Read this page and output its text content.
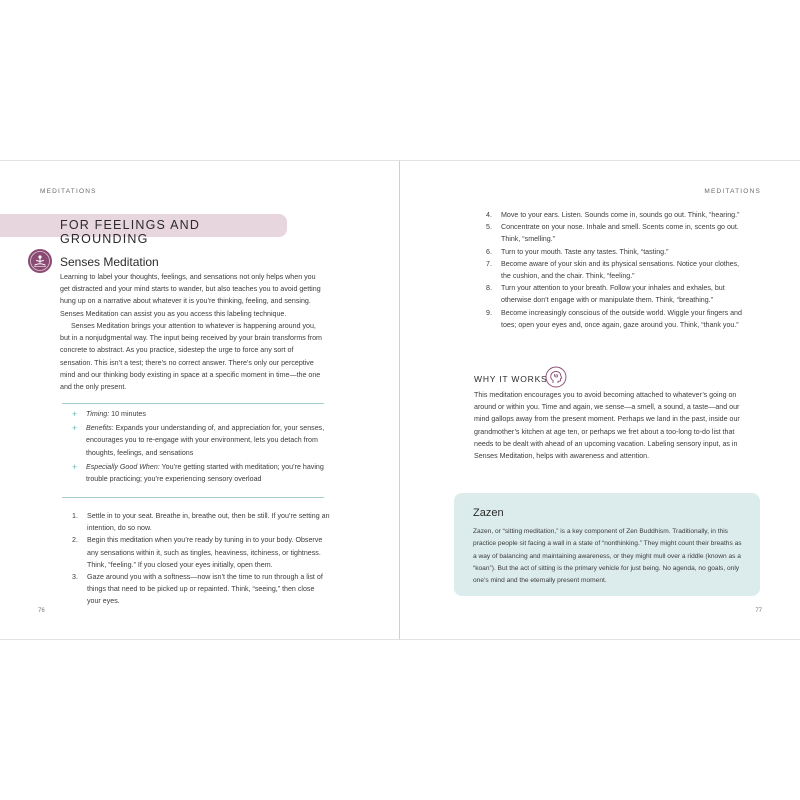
MEDITATIONS
FOR FEELINGS AND GROUNDING
Senses Meditation

Learning to label your thoughts, feelings, and sensations not only helps when you get distracted and your mind starts to wander, but also teaches you to avoid getting hung up on a narrative about whatever it is you’re thinking, feeling, and sensing. Senses Meditation can assist you as you access this labeling technique.

Senses Meditation brings your attention to whatever is happening around you, but in a nonjudgmental way. The input being received by your brain transforms from concrete to abstract. As you practice, sidestep the urge to force any sort of sensation. This isn’t a test; there’s no correct answer. There’s only our perceptive mind and our thinking body existing in space at a specific moment in time—the one and the only present.

+ Timing: 10 minutes
+ Benefits: Expands your understanding of, and appreciation for, your senses, encourages you to re-engage with your environment, lets you detach from thoughts, feelings, and sensations
+ Especially Good When: You’re getting started with meditation; you’re having trouble practicing; you’re experiencing sensory overload
1. Settle in to your seat. Breathe in, breathe out, then be still. If you’re setting an intention, do so now.
2. Begin this meditation when you’re ready by tuning in to your body. Observe any sensations within it, such as tingles, heaviness, itchiness, or tightness. Think, “feeling.” If you closed your eyes initially, open them.
3. Gaze around you with a softness—now isn’t the time to run through a list of things that need to be picked up or repainted. Think, “seeing,” then close your eyes.
76
MEDITATIONS
4. Move to your ears. Listen. Sounds come in, sounds go out. Think, “hearing.”
5. Concentrate on your nose. Inhale and smell. Scents come in, scents go out. Think, “smelling.”
6. Turn to your mouth. Taste any tastes. Think, “tasting.”
7. Become aware of your skin and its physical sensations. Notice your clothes, the cushion, and the chair. Think, “feeling.”
8. Turn your attention to your breath. Follow your inhales and exhales, but otherwise don’t engage with or manipulate them. Think, “breathing.”
9. Become increasingly conscious of the outside world. Wiggle your fingers and toes; open your eyes and, once again, gaze around you. Think, “thank you.”
WHY IT WORKS

This meditation encourages you to avoid becoming attached to whatever’s going on around or within you. Time and again, we sense—a smell, a sound, a taste—and our mind gallops away from the present moment. Perhaps we land in the past, inside our grandmother’s kitchen at age ten, or perhaps we fret about a too-long to-do list that needs to be dealt with ahead of an upcoming vacation. Labeling sensory input, as in Senses Meditation, helps with awareness and attention.

Zazen

Zazen, or “sitting meditation,” is a key component of Zen Buddhism. Traditionally, in this practice people sit facing a wall in a state of “nonthinking.” They might count their breaths as a way of balancing and maintaining awareness, or they might mull over a riddle (known as a “koan”). But the act of sitting is the primary vehicle for just being. No agenda, no goals, only one’s mind and the eternally present moment.

77
